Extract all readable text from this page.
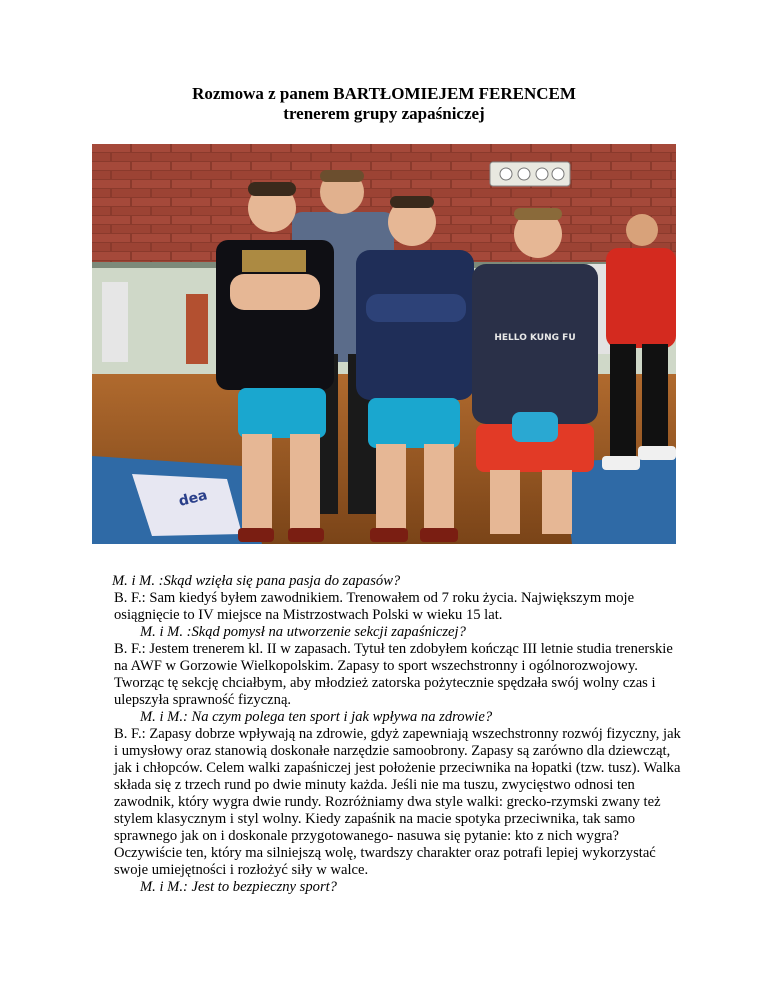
Rozmowa z panem BARTŁOMIEJEM FERENCEM
trenerem grupy zapaśniczej
dea
HELLO KUNG FU

M. i M. :Skąd wzięła się pana pasja do zapasów?

B. F.: Sam kiedyś byłem zawodnikiem. Trenowałem od 7 roku życia. Największym moje osiągnięcie to IV miejsce na Mistrzostwach Polski w wieku 15 lat.

M. i M. :Skąd pomysł na utworzenie sekcji zapaśniczej?

B. F.: Jestem trenerem kl. II w zapasach. Tytuł ten zdobyłem kończąc III letnie studia trenerskie na AWF w Gorzowie Wielkopolskim. Zapasy to sport wszechstronny i ogólnorozwojowy. Tworząc tę sekcję chciałbym, aby młodzież zatorska pożytecznie spędzała swój wolny czas i ulepszyła sprawność fizyczną.

M. i M.: Na czym polega ten sport i jak wpływa na zdrowie?

B. F.: Zapasy dobrze wpływają na zdrowie, gdyż zapewniają wszechstronny rozwój fizyczny, jak i umysłowy oraz stanowią doskonałe narzędzie samoobrony. Zapasy są zarówno dla dziewcząt, jak i chłopców. Celem walki zapaśniczej jest położenie przeciwnika na łopatki (tzw. tusz). Walka składa się z trzech rund po dwie minuty każda. Jeśli nie ma tuszu, zwycięstwo odnosi ten zawodnik, który wygra dwie rundy. Rozróżniamy dwa style walki: grecko-rzymski zwany też stylem klasycznym i styl wolny. Kiedy zapaśnik na macie spotyka przeciwnika, tak samo sprawnego jak on i doskonale przygotowanego- nasuwa się pytanie: kto z nich wygra? Oczywiście ten, który ma silniejszą wolę, twardszy charakter oraz potrafi lepiej wykorzystać swoje umiejętności i rozłożyć siły w walce.

M. i M.: Jest to bezpieczny sport?
